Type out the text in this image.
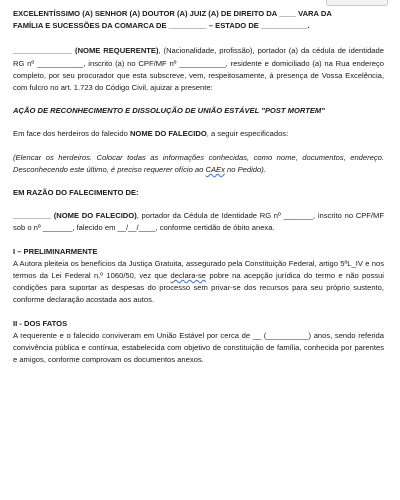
EXCELENTÍSSIMO (A) SENHOR (A) DOUTOR (A) JUIZ (A) DE DIREITO DA ____ VARA DA
FAMÍLIA E SUCESSÕES DA COMARCA DE _________ – ESTADO DE ___________.

______________ (NOME REQUERENTE), (Nacionalidade, profissão), portador (a) da cédula de identidade RG nº ___________, inscrito (a) no CPF/MF nº ___________, residente e domiciliado (a) na Rua endereço completo, por seu procurador que esta subscreve, vem, respeitosamente, à presença de Vossa Excelência, com fulcro no art. 1.723 do Código Civil, ajuizar a presente:

AÇÃO DE RECONHECIMENTO E DISSOLUÇÃO DE UNIÃO ESTÁVEL "POST MORTEM"

Em face dos herdeiros do falecido NOME DO FALECIDO, a seguir especificados:

(Elencar os herdeiros. Colocar todas as informações conhecidas, como nome, documentos, endereço. Desconhecendo este último, é preciso requerer ofício ao CAEx no Pedido).

EM RAZÃO DO FALECIMENTO DE:

_________ (NOME DO FALECIDO), portador da Cédula de Identidade RG nº _______, inscrito no CPF/MF sob o nº _______, falecido em __/__/____, conforme certidão de óbito anexa.

I – PRELIMINARMENTE

A Autora pleiteia os benefícios da Justiça Gratuita, assegurado pela Constituição Federal, artigo 5ºL_IV e nos termos da Lei Federal n.º 1060/50, vez que declara-se pobre na acepção jurídica do termo e não possui condições para suportar as despesas do processo sem privar-se dos recursos para seu próprio sustento, conforme declaração acostada aos autos.

II - DOS FATOS

A requerente e o falecido conviveram em União Estável por cerca de __ (__________) anos, sendo referida convivência pública e contínua, estabelecida com objetivo de constituição de família, conhecida por parentes e amigos, conforme comprovam os documentos anexos.
